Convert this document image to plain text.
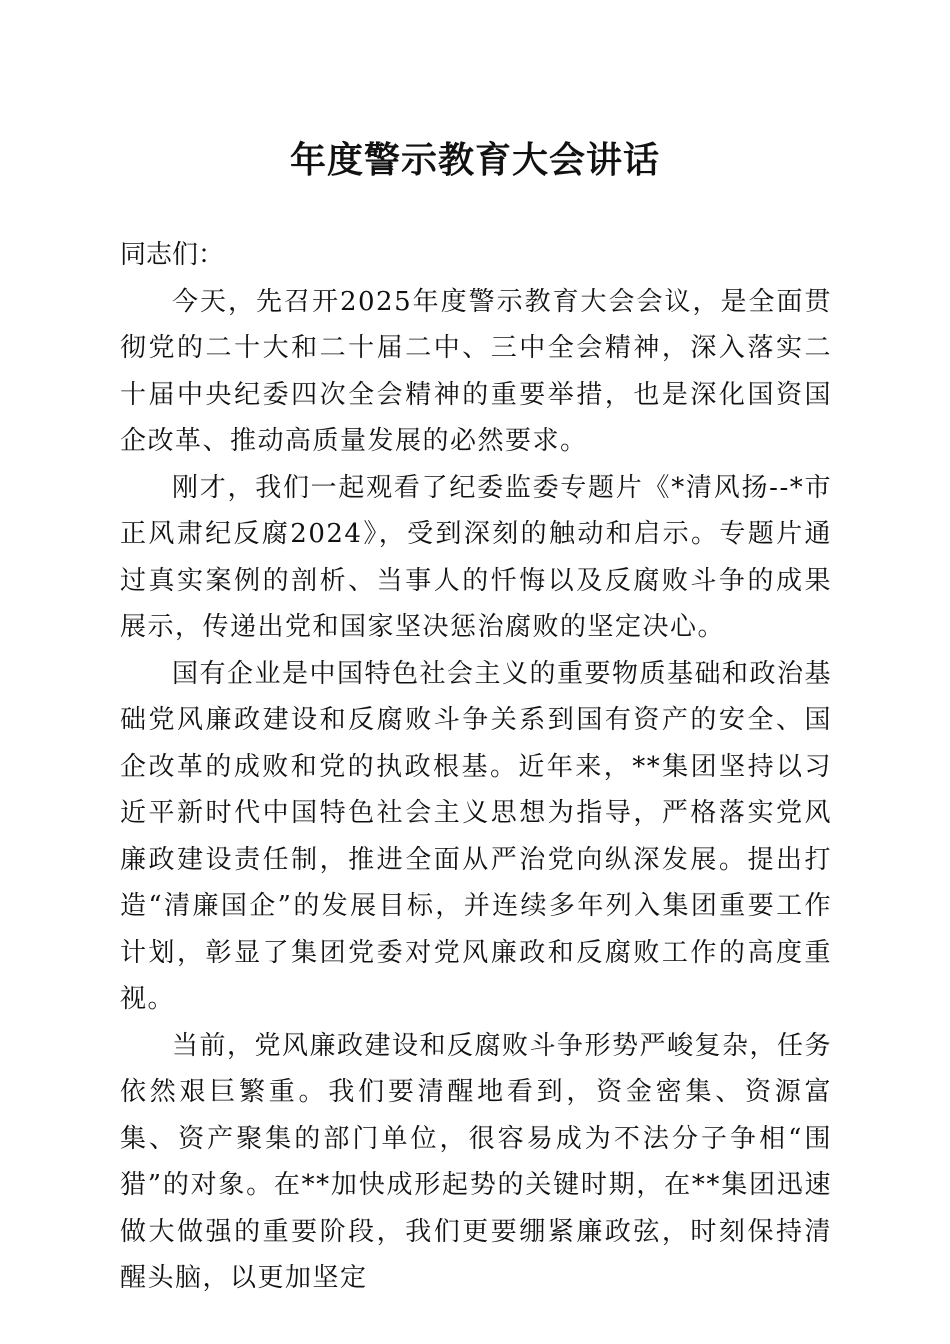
年度警示教育大会讲话

同志们：

今天，先召开2025年度警示教育大会会议，是全面贯彻党的二十大和二十届二中、三中全会精神，深入落实二十届中央纪委四次全会精神的重要举措，也是深化国资国企改革、推动高质量发展的必然要求。

刚才，我们一起观看了纪委监委专题片《*清风扬--*市正风肃纪反腐2024》，受到深刻的触动和启示。专题片通过真实案例的剖析、当事人的忏悔以及反腐败斗争的成果展示，传递出党和国家坚决惩治腐败的坚定决心。

国有企业是中国特色社会主义的重要物质基础和政治基础党风廉政建设和反腐败斗争关系到国有资产的安全、国企改革的成败和党的执政根基。近年来，**集团坚持以习近平新时代中国特色社会主义思想为指导，严格落实党风廉政建设责任制，推进全面从严治党向纵深发展。提出打造“清廉国企”的发展目标，并连续多年列入集团重要工作计划，彰显了集团党委对党风廉政和反腐败工作的高度重视。

当前，党风廉政建设和反腐败斗争形势严峻复杂，任务依然艰巨繁重。我们要清醒地看到，资金密集、资源富集、资产聚集的部门单位，很容易成为不法分子争相“围猎”的对象。在**加快成形起势的关键时期，在**集团迅速做大做强的重要阶段，我们更要绷紧廉政弦，时刻保持清醒头脑，以更加坚定
